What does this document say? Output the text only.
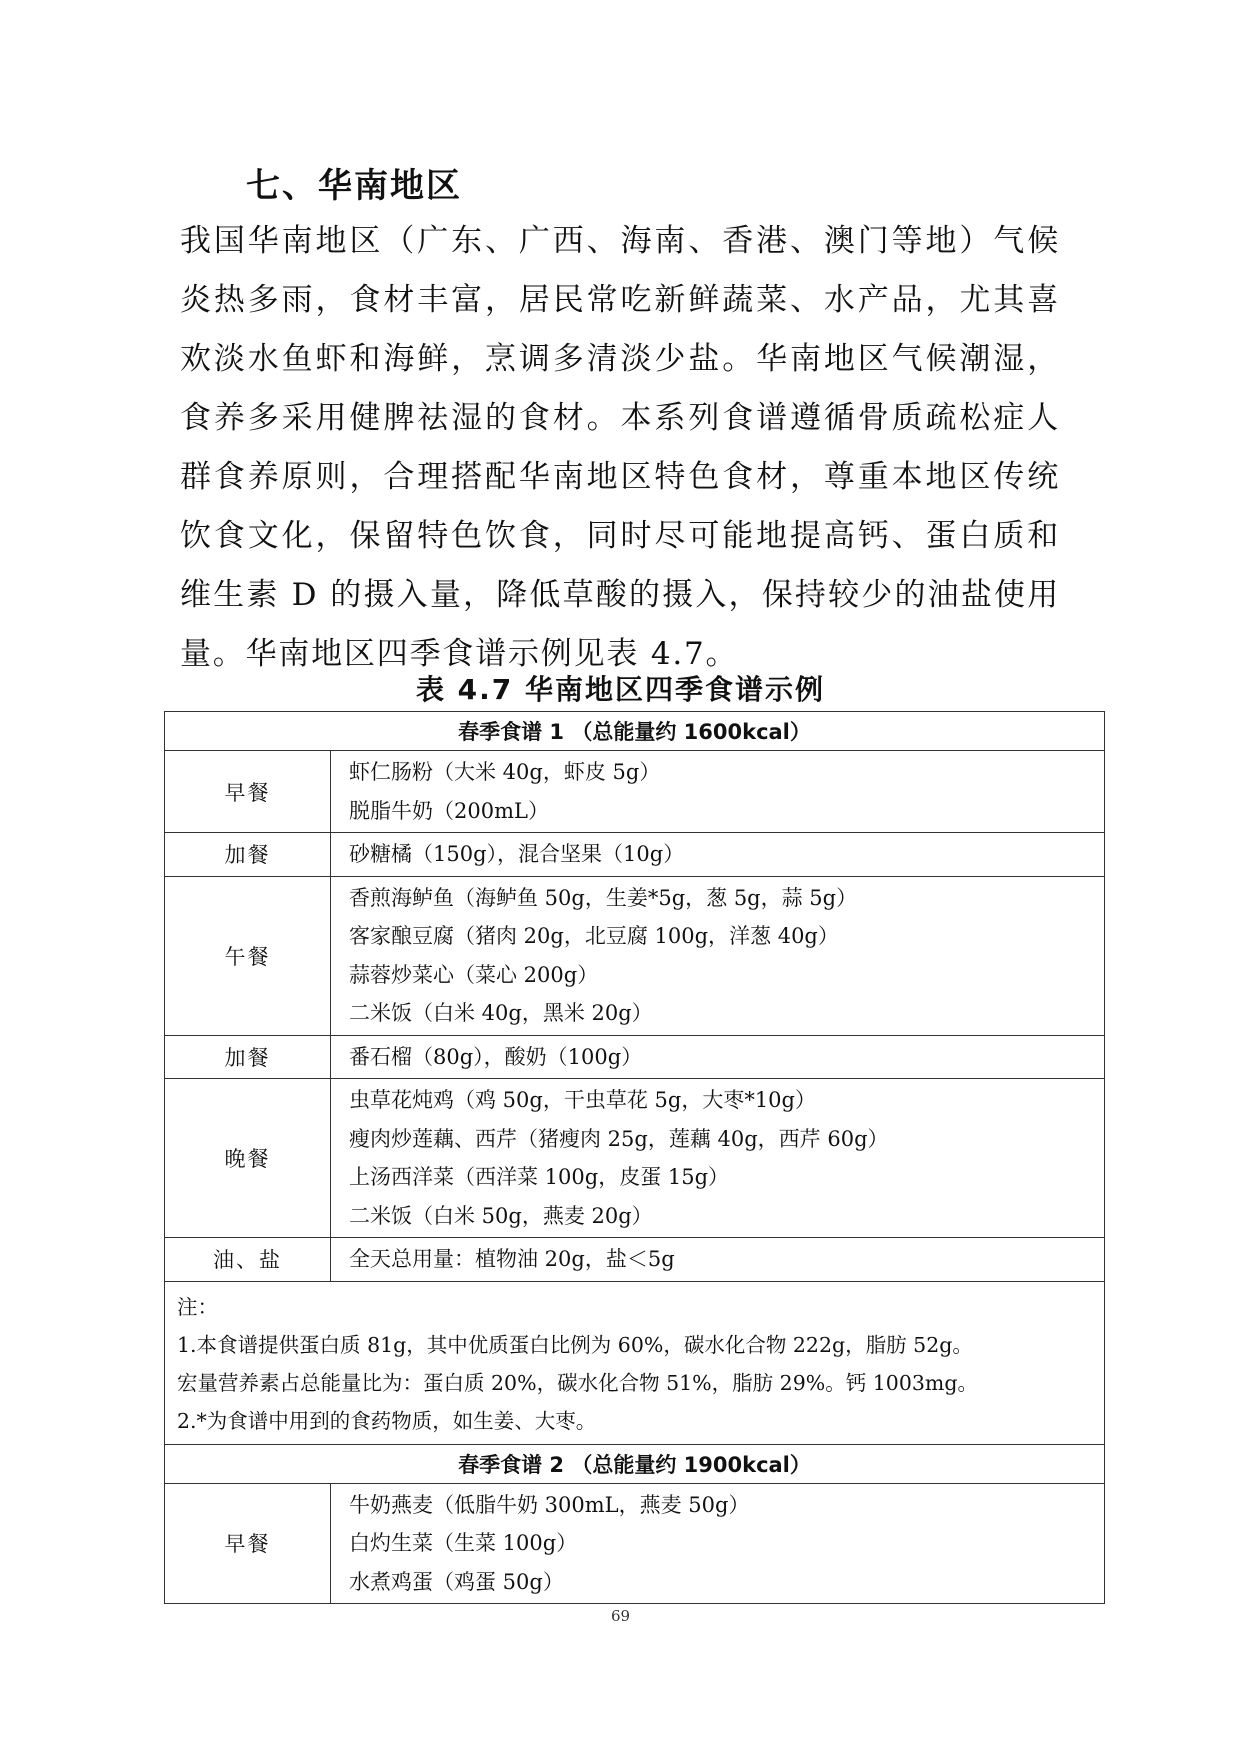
七、华南地区

我国华南地区（广东、广西、海南、香港、澳门等地）气候炎热多雨，食材丰富，居民常吃新鲜蔬菜、水产品，尤其喜欢淡水鱼虾和海鲜，烹调多清淡少盐。华南地区气候潮湿，食养多采用健脾祛湿的食材。本系列食谱遵循骨质疏松症人群食养原则，合理搭配华南地区特色食材，尊重本地区传统饮食文化，保留特色饮食，同时尽可能地提高钙、蛋白质和维生素 D 的摄入量，降低草酸的摄入，保持较少的油盐使用量。华南地区四季食谱示例见表 4.7。

表 4.7 华南地区四季食谱示例
春季食谱 1 （总能量约 1600kcal）	
早餐	虾仁肠粉（大米 40g，虾皮 5g）
脱脂牛奶（200mL）

加餐	砂糖橘（150g），混合坚果（10g）

午餐	香煎海鲈鱼（海鲈鱼 50g，生姜*5g，葱 5g，蒜 5g）
客家酿豆腐（猪肉 20g，北豆腐 100g，洋葱 40g）
蒜蓉炒菜心（菜心 200g）
二米饭（白米 40g，黑米 20g）

加餐	番石榴（80g），酸奶（100g）

晚餐	虫草花炖鸡（鸡 50g，干虫草花 5g，大枣*10g）
瘦肉炒莲藕、西芹（猪瘦肉 25g，莲藕 40g，西芹 60g）
上汤西洋菜（西洋菜 100g，皮蛋 15g）
二米饭（白米 50g，燕麦 20g）

油、盐	全天总用量：植物油 20g，盐＜5g

注：
1.本食谱提供蛋白质 81g，其中优质蛋白比例为 60%，碳水化合物 222g，脂肪 52g。
宏量营养素占总能量比为：蛋白质 20%，碳水化合物 51%，脂肪 29%。钙 1003mg。
2.*为食谱中用到的食药物质，如生姜、大枣。	

春季食谱 2 （总能量约 1900kcal）	
早餐	牛奶燕麦（低脂牛奶 300mL，燕麦 50g）
白灼生菜（生菜 100g）
水煮鸡蛋（鸡蛋 50g）
69
